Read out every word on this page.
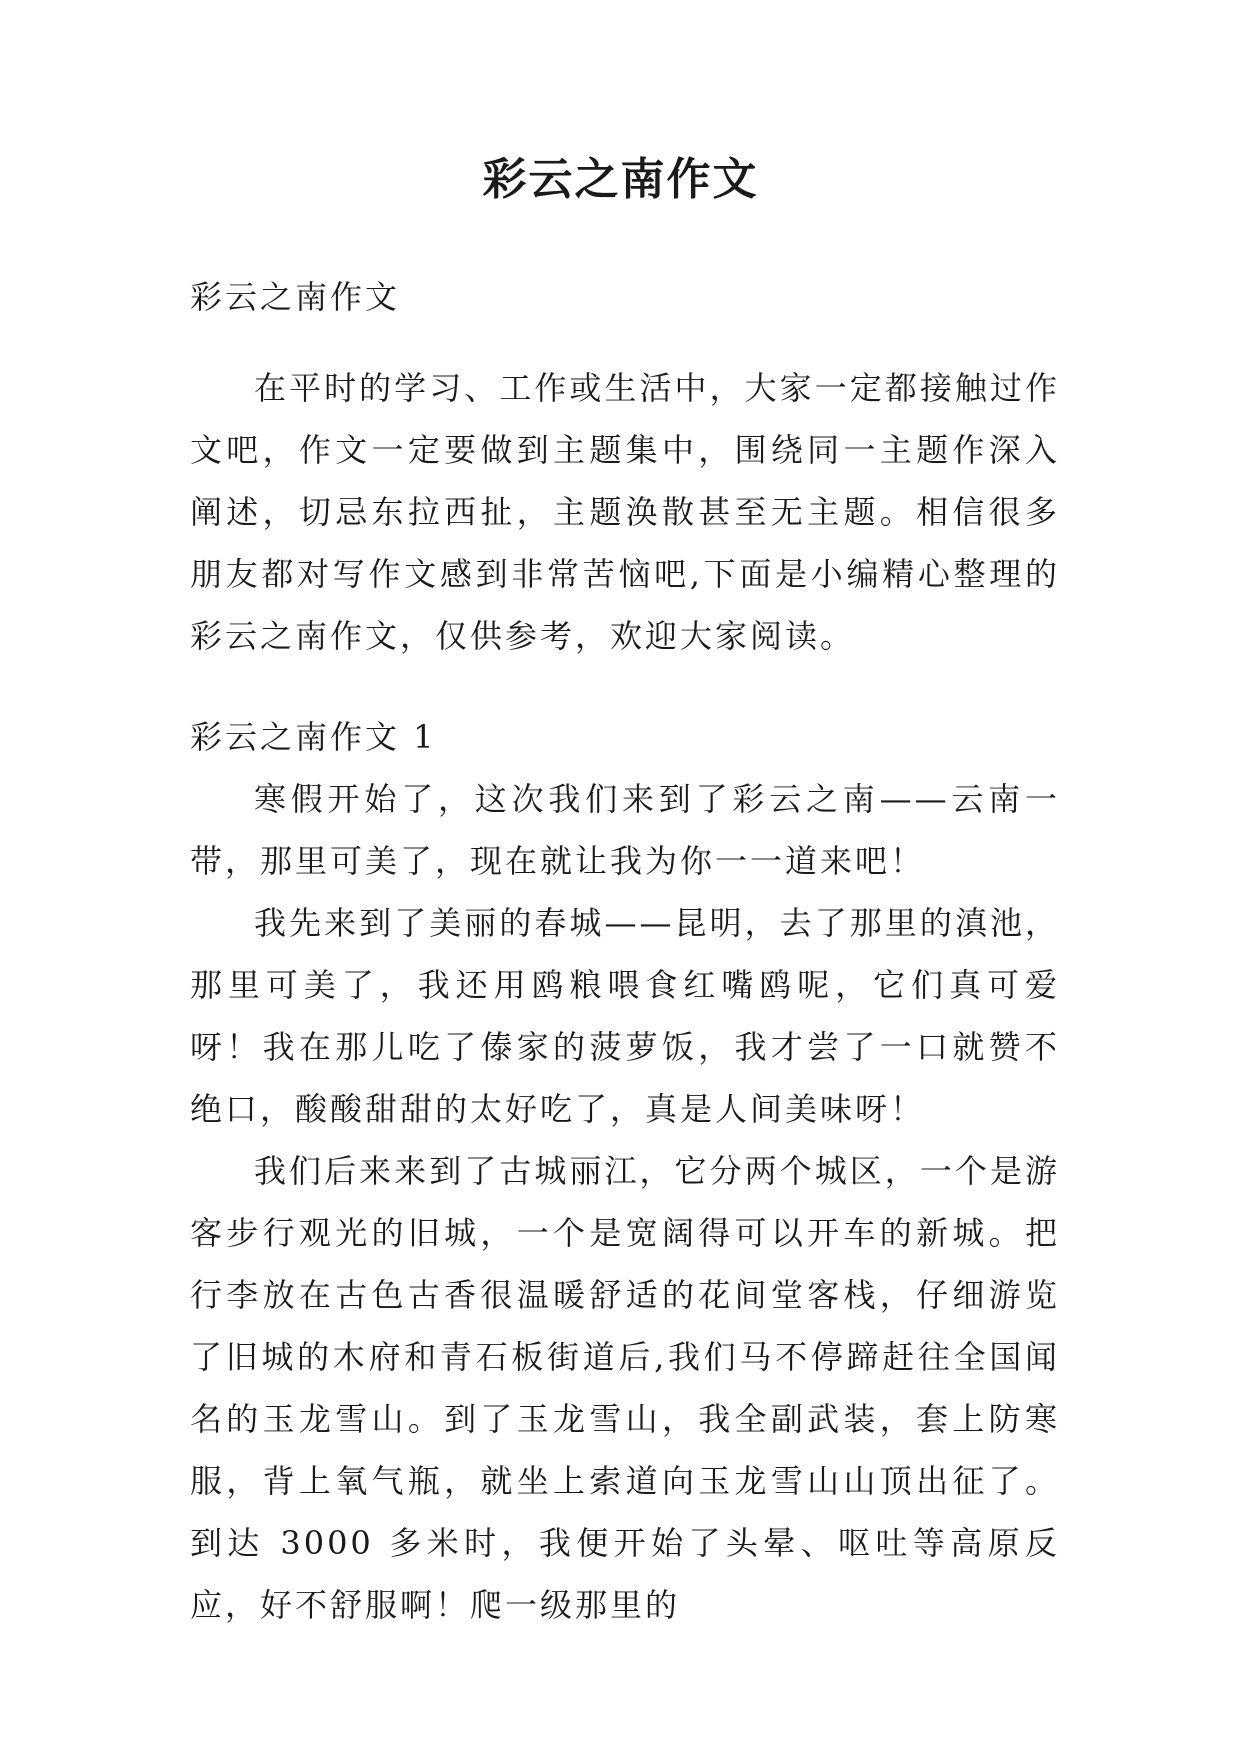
彩云之南作文

彩云之南作文

在平时的学习、工作或生活中，大家一定都接触过作文吧，作文一定要做到主题集中，围绕同一主题作深入阐述，切忌东拉西扯，主题涣散甚至无主题。相信很多朋友都对写作文感到非常苦恼吧,下面是小编精心整理的彩云之南作文，仅供参考，欢迎大家阅读。

彩云之南作文 1

寒假开始了，这次我们来到了彩云之南——云南一带，那里可美了，现在就让我为你一一道来吧！

我先来到了美丽的春城——昆明，去了那里的滇池，那里可美了，我还用鸥粮喂食红嘴鸥呢，它们真可爱呀！我在那儿吃了傣家的菠萝饭，我才尝了一口就赞不绝口，酸酸甜甜的太好吃了，真是人间美味呀！

我们后来来到了古城丽江，它分两个城区，一个是游客步行观光的旧城，一个是宽阔得可以开车的新城。把行李放在古色古香很温暖舒适的花间堂客栈，仔细游览了旧城的木府和青石板街道后,我们马不停蹄赶往全国闻名的玉龙雪山。到了玉龙雪山，我全副武装，套上防寒服，背上氧气瓶，就坐上索道向玉龙雪山山顶出征了。到达 3000 多米时，我便开始了头晕、呕吐等高原反应，好不舒服啊！爬一级那里的
